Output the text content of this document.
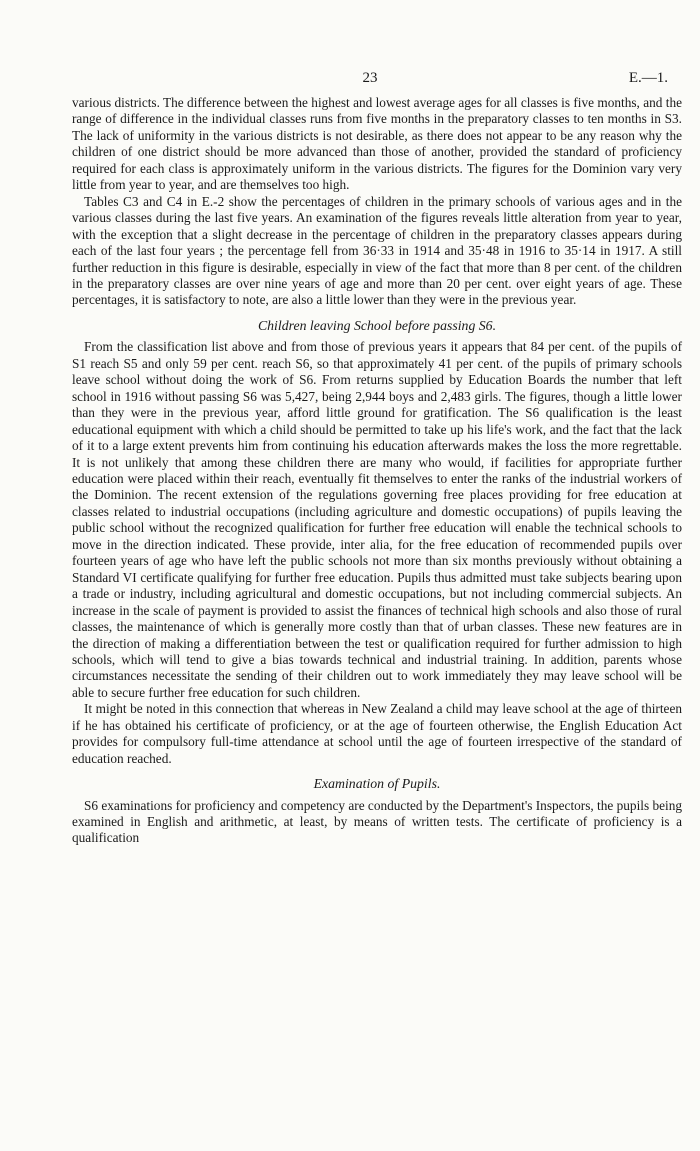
23	E.—1.

various districts. The difference between the highest and lowest average ages for all classes is five months, and the range of difference in the individual classes runs from five months in the preparatory classes to ten months in S3. The lack of uniformity in the various districts is not desirable, as there does not appear to be any reason why the children of one district should be more advanced than those of another, provided the standard of proficiency required for each class is approximately uniform in the various districts. The figures for the Dominion vary very little from year to year, and are themselves too high.

Tables C3 and C4 in E.-2 show the percentages of children in the primary schools of various ages and in the various classes during the last five years. An examination of the figures reveals little alteration from year to year, with the exception that a slight decrease in the percentage of children in the preparatory classes appears during each of the last four years ; the percentage fell from 36·33 in 1914 and 35·48 in 1916 to 35·14 in 1917. A still further reduction in this figure is desirable, especially in view of the fact that more than 8 per cent. of the children in the preparatory classes are over nine years of age and more than 20 per cent. over eight years of age. These percentages, it is satisfactory to note, are also a little lower than they were in the previous year.

Children leaving School before passing S6.

From the classification list above and from those of previous years it appears that 84 per cent. of the pupils of S1 reach S5 and only 59 per cent. reach S6, so that approximately 41 per cent. of the pupils of primary schools leave school without doing the work of S6. From returns supplied by Education Boards the number that left school in 1916 without passing S6 was 5,427, being 2,944 boys and 2,483 girls. The figures, though a little lower than they were in the previous year, afford little ground for gratification. The S6 qualification is the least educational equipment with which a child should be permitted to take up his life's work, and the fact that the lack of it to a large extent prevents him from continuing his education afterwards makes the loss the more regrettable. It is not unlikely that among these children there are many who would, if facilities for appropriate further education were placed within their reach, eventually fit themselves to enter the ranks of the industrial workers of the Dominion. The recent extension of the regulations governing free places providing for free education at classes related to industrial occupations (including agriculture and domestic occupations) of pupils leaving the public school without the recognized qualification for further free education will enable the technical schools to move in the direction indicated. These provide, inter alia, for the free education of recommended pupils over fourteen years of age who have left the public schools not more than six months previously without obtaining a Standard VI certificate qualifying for further free education. Pupils thus admitted must take subjects bearing upon a trade or industry, including agricultural and domestic occupations, but not including commercial subjects. An increase in the scale of payment is provided to assist the finances of technical high schools and also those of rural classes, the maintenance of which is generally more costly than that of urban classes. These new features are in the direction of making a differentiation between the test or qualification required for further admission to high schools, which will tend to give a bias towards technical and industrial training. In addition, parents whose circumstances necessitate the sending of their children out to work immediately they may leave school will be able to secure further free education for such children.

It might be noted in this connection that whereas in New Zealand a child may leave school at the age of thirteen if he has obtained his certificate of proficiency, or at the age of fourteen otherwise, the English Education Act provides for compulsory full-time attendance at school until the age of fourteen irrespective of the standard of education reached.

Examination of Pupils.

S6 examinations for proficiency and competency are conducted by the Department's Inspectors, the pupils being examined in English and arithmetic, at least, by means of written tests. The certificate of proficiency is a qualification
